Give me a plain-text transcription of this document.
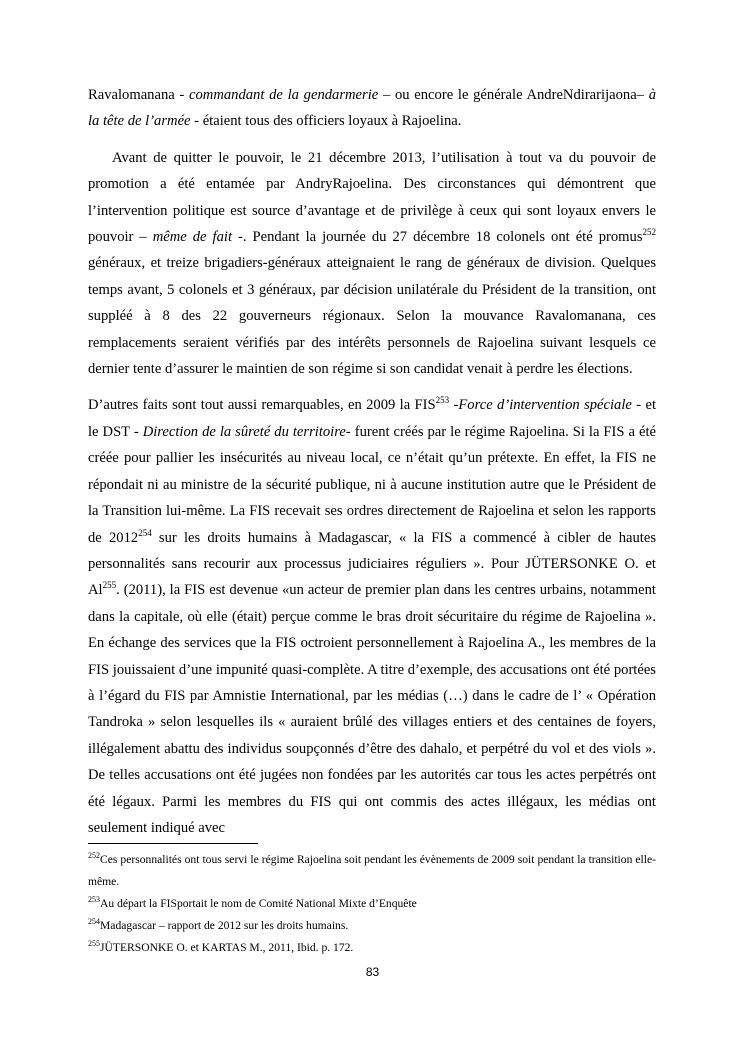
Ravalomanana - commandant de la gendarmerie – ou encore le générale AndreNdirarijaona– à la tête de l’armée - étaient tous des officiers loyaux à Rajoelina.

Avant de quitter le pouvoir, le 21 décembre 2013, l’utilisation à tout va du pouvoir de promotion a été entamée par AndryRajoelina. Des circonstances qui démontrent que l’intervention politique est source d’avantage et de privilège à ceux qui sont loyaux envers le pouvoir – même de fait -. Pendant la journée du 27 décembre 18 colonels ont été promus$^{252}$ généraux, et treize brigadiers-généraux atteignaient le rang de généraux de division. Quelques temps avant, 5 colonels et 3 généraux, par décision unilatérale du Président de la transition, ont suppléé à 8 des 22 gouverneurs régionaux. Selon la mouvance Ravalomanana, ces remplacements seraient vérifiés par des intérêts personnels de Rajoelina suivant lesquels ce dernier tente d’assurer le maintien de son régime si son candidat venait à perdre les élections.

D’autres faits sont tout aussi remarquables, en 2009 la FIS$^{253}$ -Force d’intervention spéciale - et le DST - Direction de la sûreté du territoire- furent créés par le régime Rajoelina. Si la FIS a été créée pour pallier les insécurités au niveau local, ce n’était qu’un prétexte. En effet, la FIS ne répondait ni au ministre de la sécurité publique, ni à aucune institution autre que le Président de la Transition lui-même. La FIS recevait ses ordres directement de Rajoelina et selon les rapports de 2012$^{254}$ sur les droits humains à Madagascar, « la FIS a commencé à cibler de hautes personnalités sans recourir aux processus judiciaires réguliers ». Pour JÜTERSONKE O. et Al$^{255}$. (2011), la FIS est devenue «un acteur de premier plan dans les centres urbains, notamment dans la capitale, où elle (était) perçue comme le bras droit sécuritaire du régime de Rajoelina ». En échange des services que la FIS octroient personnellement à Rajoelina A., les membres de la FIS jouissaient d’une impunité quasi-complète. A titre d’exemple, des accusations ont été portées à l’égard du FIS par Amnistie International, par les médias (…) dans le cadre de l’ « Opération Tandroka » selon lesquelles ils « auraient brûlé des villages entiers et des centaines de foyers, illégalement abattu des individus soupçonnés d’être des dahalo, et perpétré du vol et des viols ». De telles accusations ont été jugées non fondées par les autorités car tous les actes perpétrés ont été légaux. Parmi les membres du FIS qui ont commis des actes illégaux, les médias ont seulement indiqué avec

$^{252}$Ces personnalités ont tous servi le régime Rajoelina soit pendant les évènements de 2009 soit pendant la transition elle-même.

$^{253}$Au départ la FISportait le nom de Comité National Mixte d’Enquête

$^{254}$Madagascar – rapport de 2012 sur les droits humains.

$^{255}$JÜTERSONKE O. et KARTAS M., 2011, Ibid. p. 172.

83
